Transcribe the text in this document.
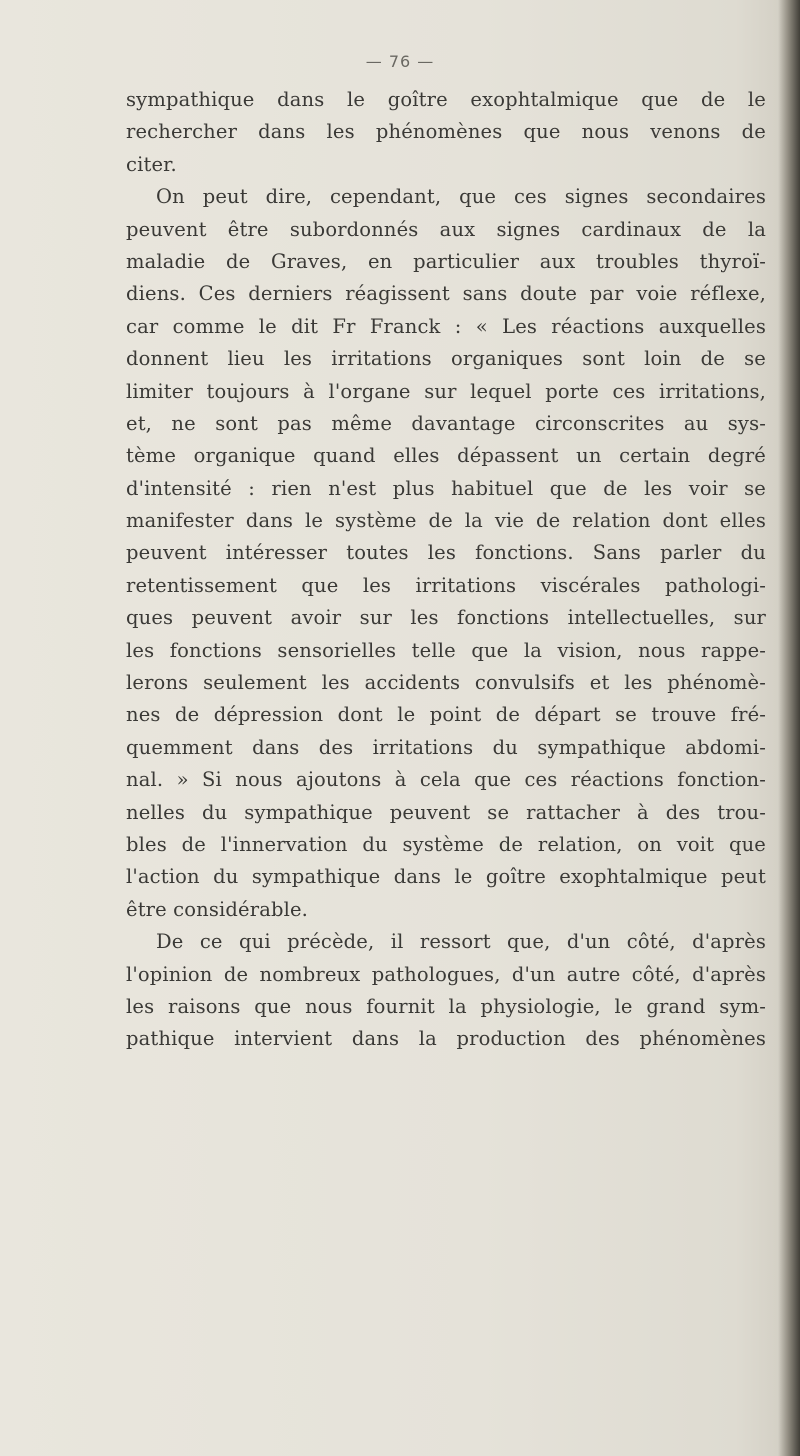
— 76 —
sympathique dans le goître exophtalmique que de le
rechercher dans les phénomènes que nous venons de
citer.
On peut dire, cependant, que ces signes secondaires
peuvent être subordonnés aux signes cardinaux de la
maladie de Graves, en particulier aux troubles thyroï-
diens. Ces derniers réagissent sans doute par voie réflexe,
car comme le dit Fr Franck : « Les réactions auxquelles
donnent lieu les irritations organiques sont loin de se
limiter toujours à l'organe sur lequel porte ces irritations,
et, ne sont pas même davantage circonscrites au sys-
tème organique quand elles dépassent un certain degré
d'intensité : rien n'est plus habituel que de les voir se
manifester dans le système de la vie de relation dont elles
peuvent intéresser toutes les fonctions. Sans parler du
retentissement que les irritations viscérales pathologi-
ques peuvent avoir sur les fonctions intellectuelles, sur
les fonctions sensorielles telle que la vision, nous rappe-
lerons seulement les accidents convulsifs et les phénomè-
nes de dépression dont le point de départ se trouve fré-
quemment dans des irritations du sympathique abdomi-
nal. » Si nous ajoutons à cela que ces réactions fonction-
nelles du sympathique peuvent se rattacher à des trou-
bles de l'innervation du système de relation, on voit que
l'action du sympathique dans le goître exophtalmique peut
être considérable.
De ce qui précède, il ressort que, d'un côté, d'après
l'opinion de nombreux pathologues, d'un autre côté, d'après
les raisons que nous fournit la physiologie, le grand sym-
pathique intervient dans la production des phénomènes
